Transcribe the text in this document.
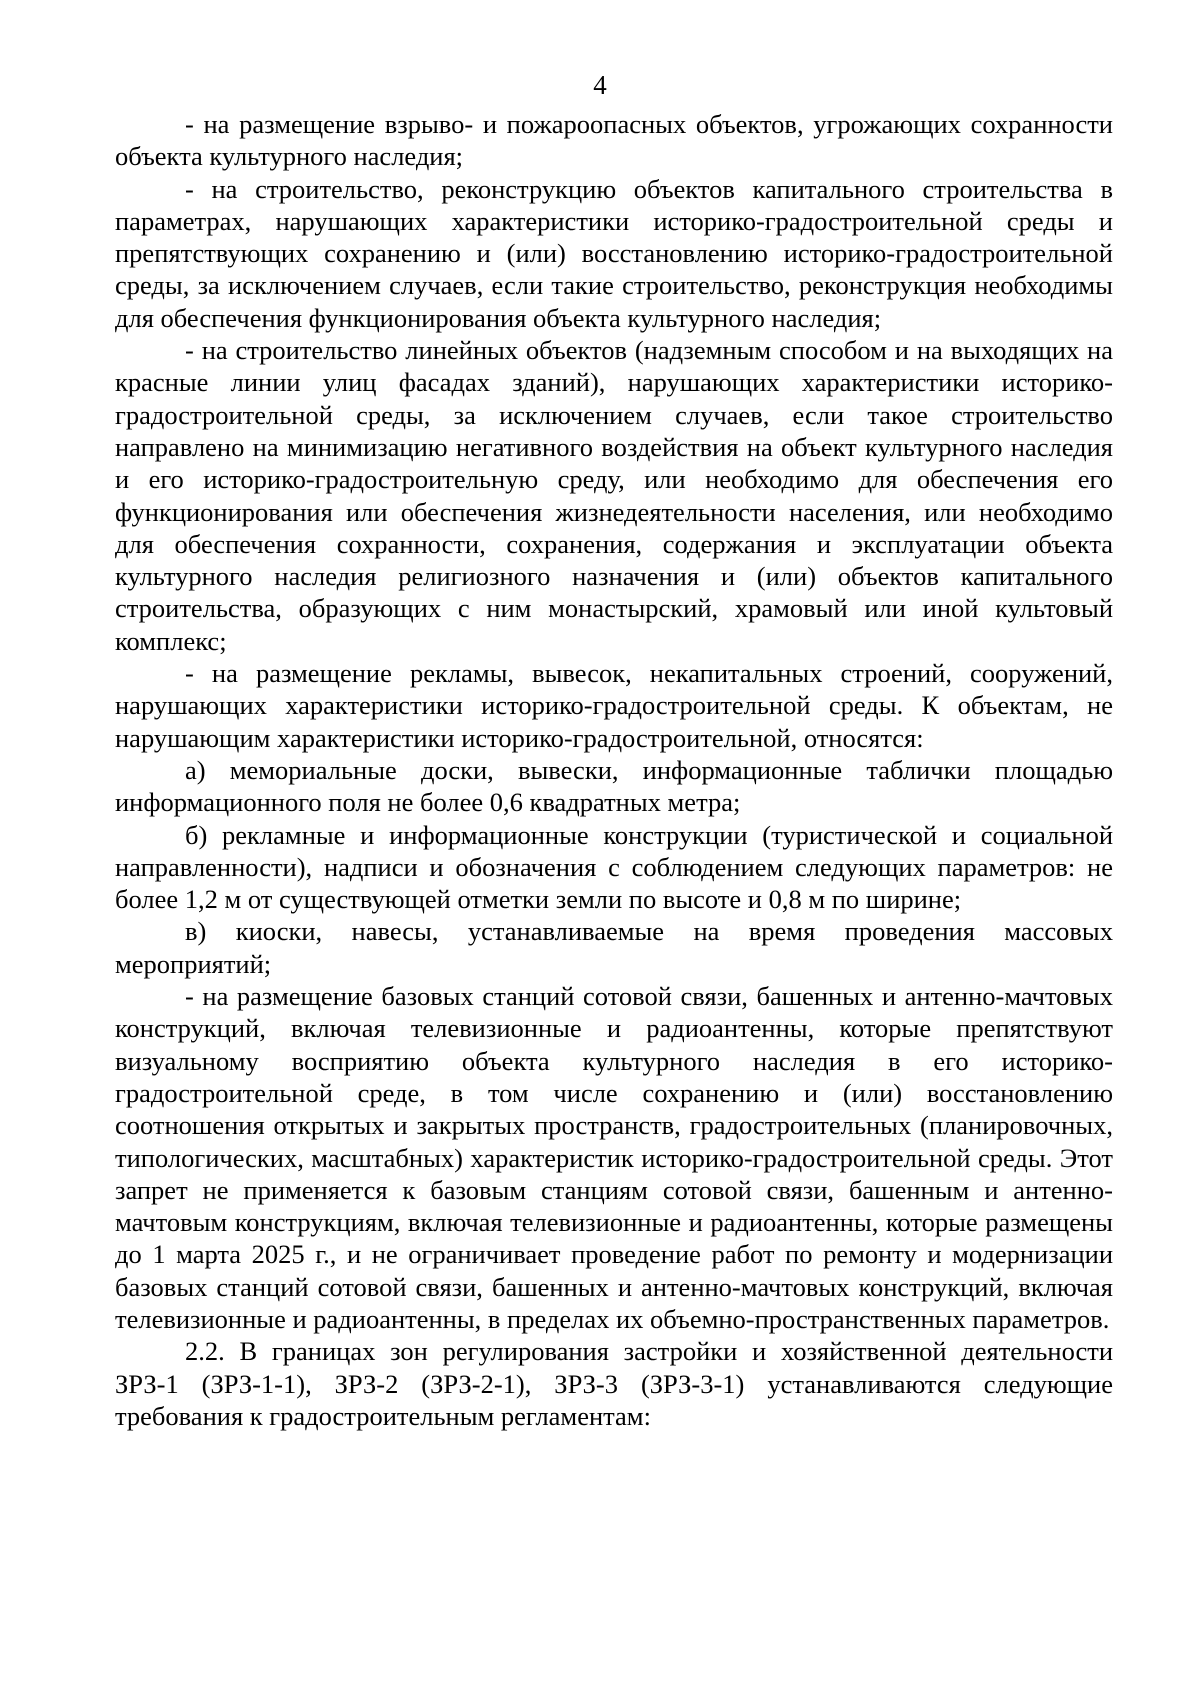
4

- на размещение взрыво- и пожароопасных объектов, угрожающих сохранности объекта культурного наследия;

- на строительство, реконструкцию объектов капитального строительства в параметрах, нарушающих характеристики историко-градостроительной среды и препятствующих сохранению и (или) восстановлению историко-градостроительной среды, за исключением случаев, если такие строительство, реконструкция необходимы для обеспечения функционирования объекта культурного наследия;

- на строительство линейных объектов (надземным способом и на выходящих на красные линии улиц фасадах зданий), нарушающих характеристики историко-градостроительной среды, за исключением случаев, если такое строительство направлено на минимизацию негативного воздействия на объект культурного наследия и его историко-градостроительную среду, или необходимо для обеспечения его функционирования или обеспечения жизнедеятельности населения, или необходимо для обеспечения сохранности, сохранения, содержания и эксплуатации объекта культурного наследия религиозного назначения и (или) объектов капитального строительства, образующих с ним монастырский, храмовый или иной культовый комплекс;

- на размещение рекламы, вывесок, некапитальных строений, сооружений, нарушающих характеристики историко-градостроительной среды. К объектам, не нарушающим характеристики историко-градостроительной, относятся:

а) мемориальные доски, вывески, информационные таблички площадью информационного поля не более 0,6 квадратных метра;

б) рекламные и информационные конструкции (туристической и социальной направленности), надписи и обозначения с соблюдением следующих параметров: не более 1,2 м от существующей отметки земли по высоте и 0,8 м по ширине;

в) киоски, навесы, устанавливаемые на время проведения массовых мероприятий;

- на размещение базовых станций сотовой связи, башенных и антенно-мачтовых конструкций, включая телевизионные и радиоантенны, которые препятствуют визуальному восприятию объекта культурного наследия в его историко-градостроительной среде, в том числе сохранению и (или) восстановлению соотношения открытых и закрытых пространств, градостроительных (планировочных, типологических, масштабных) характеристик историко-градостроительной среды. Этот запрет не применяется к базовым станциям сотовой связи, башенным и антенно-мачтовым конструкциям, включая телевизионные и радиоантенны, которые размещены до 1 марта 2025 г., и не ограничивает проведение работ по ремонту и модернизации базовых станций сотовой связи, башенных и антенно-мачтовых конструкций, включая телевизионные и радиоантенны, в пределах их объемно-пространственных параметров.

2.2. В границах зон регулирования застройки и хозяйственной деятельности ЗРЗ-1 (ЗРЗ-1-1), ЗРЗ-2 (ЗРЗ-2-1), ЗРЗ-3 (ЗРЗ-3-1) устанавливаются следующие требования к градостроительным регламентам:
